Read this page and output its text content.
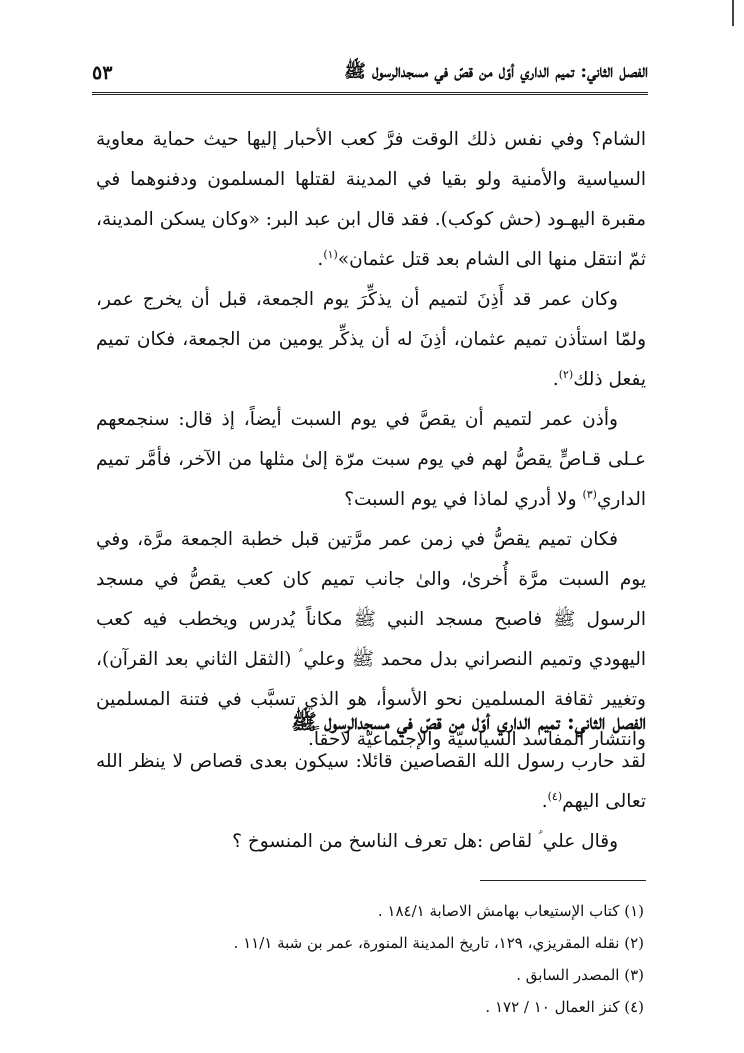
الفصل الثاني: تميم الداري أوّل من قصّ في مسجدالرسول ﷺ
٥٣

الشام؟ وفي نفس ذلك الوقت فرَّ كعب الأحبار إليها حيث حماية معاوية السياسية والأمنية ولو بقيا في المدينة لقتلها المسلمون ودفنوهما في مقبرة اليهـود (حش كوكب). فقد قال ابن عبد البر: «وكان يسكن المدينة، ثمّ انتقل منها الى الشام بعد قتل عثمان»$^{(١)}$.

وكان عمر قد أَذِنَ لتميم أن يذكِّرَ يوم الجمعة، قبل أن يخرج عمر، ولمّا استأذن تميم عثمان، أذِنَ له أن يذكِّر يومين من الجمعة، فكان تميم يفعل ذلك$^{(٢)}$.

وأذن عمر لتميم أن يقصَّ في يوم السبت أيضاً، إذ قال: سنجمعهم عـلى قـاصٍّ يقصُّ لهم في يوم سبت مرّة إلىٰ مثلها من الآخر، فأمَّر تميم الداري$^{(٣)}$ ولا أدري لماذا في يوم السبت؟

فكان تميم يقصُّ في زمن عمر مرَّتين قبل خطبة الجمعة مرَّة، وفي يوم السبت مرَّة أُخرىٰ، والىٰ جانب تميم كان كعب يقصُّ في مسجد الرسول ﷺ فاصبح مسجد النبي ﷺ مكاناً يُدرس ويخطب فيه كعب اليهودي وتميم النصراني بدل محمد ﷺ وعلي ؑ (الثقل الثاني بعد القرآن)، وتغيير ثقافة المسلمين نحو الأسوأ، هو الذي تسبَّب في فتنة المسلمين وانتشار المفاسد السياسيّة والإجتماعيّة لاحقاً.

الفصل الثاني: تميم الداري أوّل من قصّ في مسجدالرسول ﷺ

لقد حارب رسول الله القصاصين قائلا: سيكون بعدى قصاص لا ينظر الله تعالى اليهم$^{(٤)}$.

وقال علي ؑ لقاص :هل تعرف الناسخ من المنسوخ ؟

(١) كتاب الإستيعاب بهامش الاصابة ١٨٤/١ .

(٢) نقله المقريزي، ١٢٩، تاريخ المدينة المنورة، عمر بن شبة ١١/١ .

(٣) المصدر السابق .

(٤) كنز العمال ١٠ / ١٧٢ .
